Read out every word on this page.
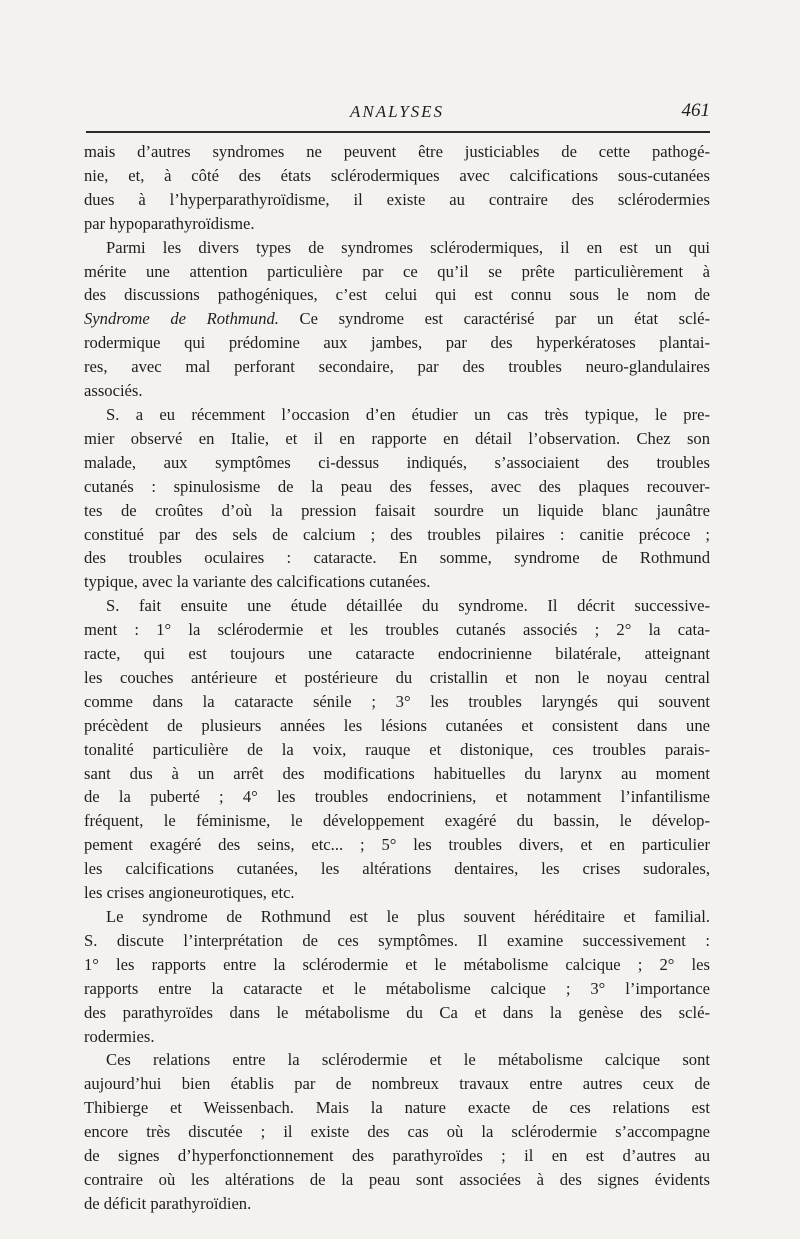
ANALYSES	461
mais d’autres syndromes ne peuvent être justiciables de cette pathogé-
nie, et, à côté des états sclérodermiques avec calcifications sous-cutanées
dues à l’hyperparathyroïdisme, il existe au contraire des sclérodermies
par hypoparathyroïdisme.
Parmi les divers types de syndromes sclérodermiques, il en est un qui
mérite une attention particulière par ce qu’il se prête particulièrement à
des discussions pathogéniques, c’est celui qui est connu sous le nom de
Syndrome de Rothmund. Ce syndrome est caractérisé par un état sclé-
rodermique qui prédomine aux jambes, par des hyperkératoses plantai-
res, avec mal perforant secondaire, par des troubles neuro-glandulaires
associés.
S. a eu récemment l’occasion d’en étudier un cas très typique, le pre-
mier observé en Italie, et il en rapporte en détail l’observation. Chez son
malade, aux symptômes ci-dessus indiqués, s’associaient des troubles
cutanés : spinulosisme de la peau des fesses, avec des plaques recouver-
tes de croûtes d’où la pression faisait sourdre un liquide blanc jaunâtre
constitué par des sels de calcium ; des troubles pilaires : canitie précoce ;
des troubles oculaires : cataracte. En somme, syndrome de Rothmund
typique, avec la variante des calcifications cutanées.
S. fait ensuite une étude détaillée du syndrome. Il décrit successive-
ment : 1° la sclérodermie et les troubles cutanés associés ; 2° la cata-
racte, qui est toujours une cataracte endocrinienne bilatérale, atteignant
les couches antérieure et postérieure du cristallin et non le noyau central
comme dans la cataracte sénile ; 3° les troubles laryngés qui souvent
précèdent de plusieurs années les lésions cutanées et consistent dans une
tonalité particulière de la voix, rauque et distonique, ces troubles parais-
sant dus à un arrêt des modifications habituelles du larynx au moment
de la puberté ; 4° les troubles endocriniens, et notamment l’infantilisme
fréquent, le féminisme, le développement exagéré du bassin, le dévelop-
pement exagéré des seins, etc... ; 5° les troubles divers, et en particulier
les calcifications cutanées, les altérations dentaires, les crises sudorales,
les crises angioneurotiques, etc.
Le syndrome de Rothmund est le plus souvent héréditaire et familial.
S. discute l’interprétation de ces symptômes. Il examine successivement :
1° les rapports entre la sclérodermie et le métabolisme calcique ; 2° les
rapports entre la cataracte et le métabolisme calcique ; 3° l’importance
des parathyroïdes dans le métabolisme du Ca et dans la genèse des sclé-
rodermies.
Ces relations entre la sclérodermie et le métabolisme calcique sont
aujourd’hui bien établis par de nombreux travaux entre autres ceux de
Thibierge et Weissenbach. Mais la nature exacte de ces relations est
encore très discutée ; il existe des cas où la sclérodermie s’accompagne
de signes d’hyperfonctionnement des parathyroïdes ; il en est d’autres au
contraire où les altérations de la peau sont associées à des signes évidents
de déficit parathyroïdien.
